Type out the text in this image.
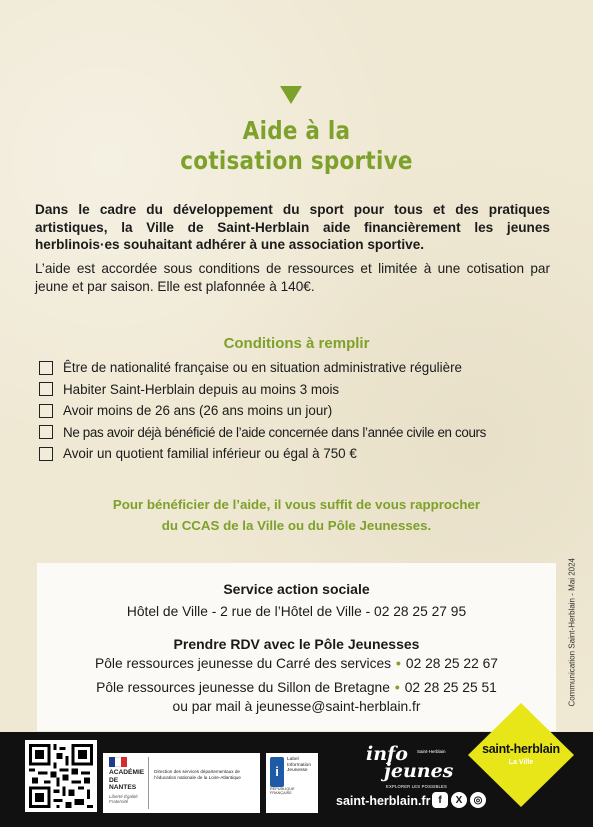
Aide à la
cotisation sportive

Dans le cadre du développement du sport pour tous et des pratiques artistiques, la Ville de Saint-Herblain aide financièrement les jeunes herblinois·es souhaitant adhérer à une association sportive.

L’aide est accordée sous conditions de ressources et limitée à une cotisation par jeune et par saison. Elle est plafonnée à 140€.

Conditions à remplir
Être de nationalité française ou en situation administrative régulière
Habiter Saint-Herblain depuis au moins 3 mois
Avoir moins de 26 ans (26 ans moins un jour)
Ne pas avoir déjà bénéficié de l’aide concernée dans l’année civile en cours
Avoir un quotient familial inférieur ou égal à 750 €
Pour bénéficier de l’aide, il vous suffit de vous rapprocher
du CCAS de la Ville ou du Pôle Jeunesses.
Service action sociale
Hôtel de Ville - 2 rue de l’Hôtel de Ville - 02 28 25 27 95
Prendre RDV avec le Pôle Jeunesses
Pôle ressources jeunesse du Carré des services • 02 28 25 22 67
Pôle ressources jeunesse du Sillon de Bretagne • 02 28 25 25 51
ou par mail à jeunesse@saint-herblain.fr	Communication Saint-Herblain - Mai 2024
ACADÉMIE
DE NANTES
Liberté Égalité Fraternité
Direction des services départementaux de l’éducation nationale de la Loire-Atlantique	i
Label Information Jeunesse
RÉPUBLIQUE FRANÇAISE
info
jeunes
Saint-Herblain
EXPLORER LES POSSIBLES
saint-herblain.fr f	X	◎
saint-herblain
La Ville
